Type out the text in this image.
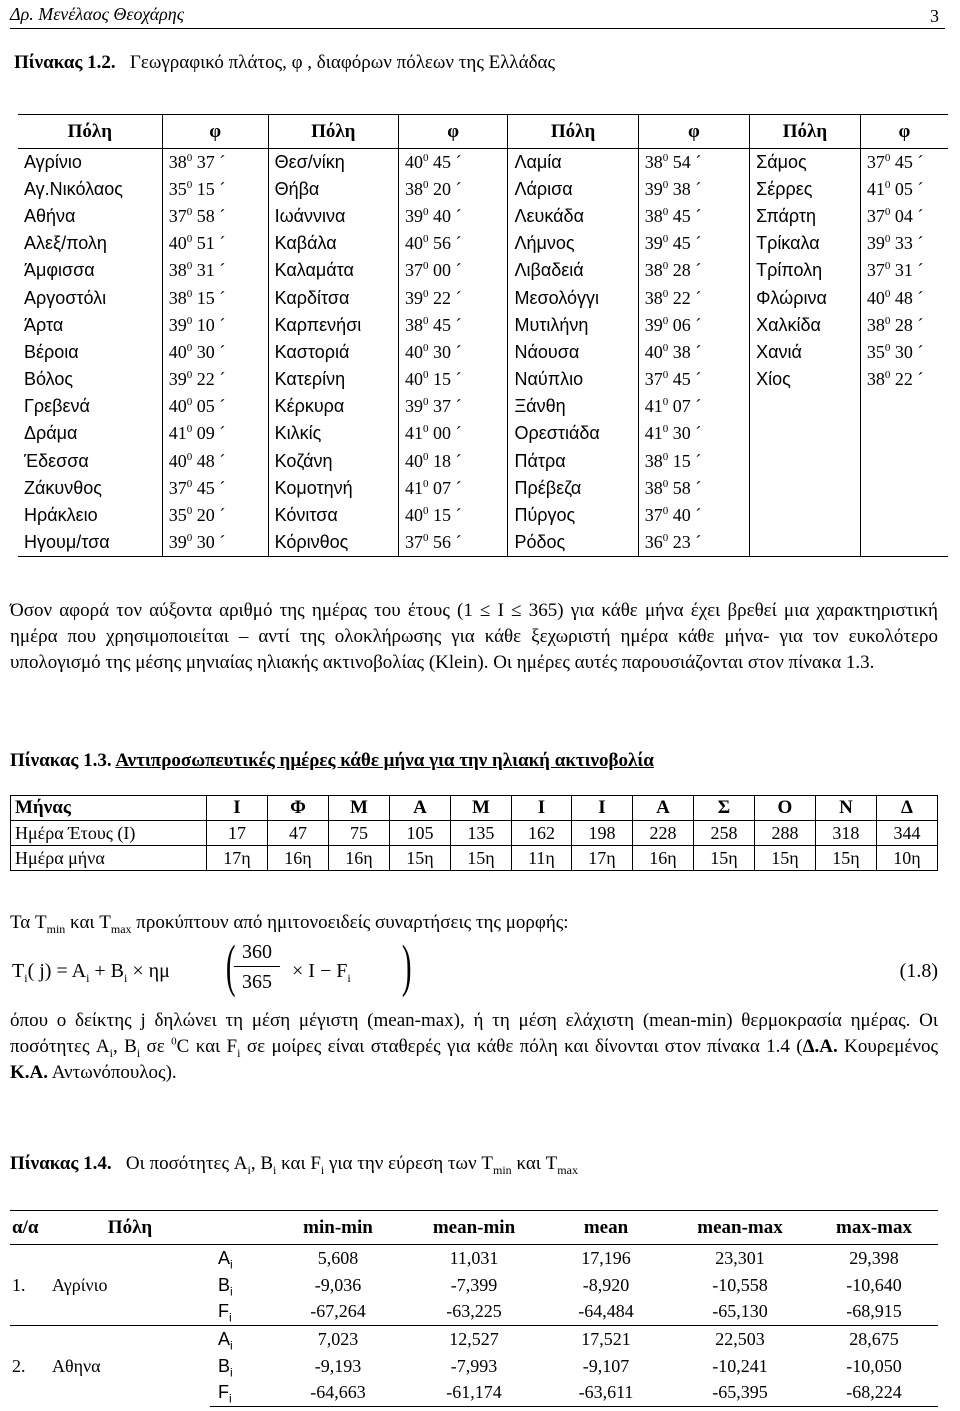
Δρ. Μενέλαος Θεοχάρης	3
Πίνακας 1.2. Γεωγραφικό πλάτος, φ , διαφόρων πόλεων της Ελλάδας
Πόλη	φ	Πόλη	φ	Πόλη	φ	Πόλη	φ
Αγρίνιο	$38^0$ 37 ´	Θεσ/νίκη	$40^0$ 45 ´	Λαμία	$38^0$ 54 ´	Σάμος	$37^0$ 45 ´
Αγ.Νικόλαος	$35^0$ 15 ´	Θήβα	$38^0$ 20 ´	Λάρισα	$39^0$ 38 ´	Σέρρες	$41^0$ 05 ´
Αθήνα	$37^0$ 58 ´	Ιωάννινα	$39^0$ 40 ´	Λευκάδα	$38^0$ 45 ´	Σπάρτη	$37^0$ 04 ´
Αλεξ/πολη	$40^0$ 51 ´	Καβάλα	$40^0$ 56 ´	Λήμνος	$39^0$ 45 ´	Τρίκαλα	$39^0$ 33 ´
Άμφισσα	$38^0$ 31 ´	Καλαμάτα	$37^0$ 00 ´	Λιβαδειά	$38^0$ 28 ´	Τρίπολη	$37^0$ 31 ´
Αργοστόλι	$38^0$ 15 ´	Καρδίτσα	$39^0$ 22 ´	Μεσολόγγι	$38^0$ 22 ´	Φλώρινα	$40^0$ 48 ´
Άρτα	$39^0$ 10 ´	Καρπενήσι	$38^0$ 45 ´	Μυτιλήνη	$39^0$ 06 ´	Χαλκίδα	$38^0$ 28 ´
Βέροια	$40^0$ 30 ´	Καστοριά	$40^0$ 30 ´	Νάουσα	$40^0$ 38 ´	Χανιά	$35^0$ 30 ´
Βόλος	$39^0$ 22 ´	Κατερίνη	$40^0$ 15 ´	Ναύπλιο	$37^0$ 45 ´	Χίος	$38^0$ 22 ´
Γρεβενά	$40^0$ 05 ´	Κέρκυρα	$39^0$ 37 ´	Ξάνθη	$41^0$ 07 ´		
Δράμα	$41^0$ 09 ´	Κιλκίς	$41^0$ 00 ´	Ορεστιάδα	$41^0$ 30 ´		
Έδεσσα	$40^0$ 48 ´	Κοζάνη	$40^0$ 18 ´	Πάτρα	$38^0$ 15 ´		
Ζάκυνθος	$37^0$ 45 ´	Κομοτηνή	$41^0$ 07 ´	Πρέβεζα	$38^0$ 58 ´		
Ηράκλειο	$35^0$ 20 ´	Κόνιτσα	$40^0$ 15 ´	Πύργος	$37^0$ 40 ´		
Ηγουμ/τσα	$39^0$ 30 ´	Κόρινθος	$37^0$ 56 ´	Ρόδος	$36^0$ 23 ´		
Όσον αφορά τον αύξοντα αριθμό της ημέρας του έτους (1 ≤ I ≤ 365) για κάθε μήνα έχει βρεθεί μια χαρακτηριστική ημέρα που χρησιμοποιείται – αντί της ολοκλήρωσης για κάθε ξεχωριστή ημέρα κάθε μήνα- για τον ευκολότερο υπολογισμό της μέσης μηνιαίας ηλιακής ακτινοβολίας (Klein). Οι ημέρες αυτές παρουσιάζονται στον πίνακα 1.3.
Πίνακας 1.3. Αντιπροσωπευτικές ημέρες κάθε μήνα για την ηλιακή ακτινοβολία
Μήνας	Ι	Φ	Μ	Α	Μ	Ι	Ι	Α	Σ	Ο	Ν	Δ
Ημέρα Έτους (Ι)	17	47	75	105	135	162	198	228	258	288	318	344
Ημέρα μήνα	17η	16η	16η	15η	15η	11η	17η	16η	15η	15η	15η	10η
Τα $T_{min}$ και $T_{max}$ προκύπτουν από ημιτονοειδείς συναρτήσεις της μορφής:
$T_i$( $j) = A_i + B_i \times \eta\mu$ (
$\frac{360}{365} \times I - F_i$ )	(1.8)
όπου ο δείκτης j δηλώνει τη μέση μέγιστη (mean-max), ή τη μέση ελάχιστη (mean-min) θερμοκρασία ημέρας. Οι ποσότητες $A_i$, $B_i$ σε $^0$C και $F_i$ σε μοίρες είναι σταθερές για κάθε πόλη και δίνονται στον πίνακα 1.4 (Δ.Α. Κουρεμένος Κ.Α. Αντωνόπουλος).
Πίνακας 1.4. Οι ποσότητες $A_i$, $B_i$ και $F_i$ για την εύρεση των $T_{min}$ και $T_{max}$
α/α	Πόλη		min-min	mean-min	mean	mean-max	max-max
1.	Αγρίνιο	$A_i$	5,608	11,031	17,196	23,301	29,398
		$B_i$	-9,036	-7,399	-8,920	-10,558	-10,640
		$F_i$	-67,264	-63,225	-64,484	-65,130	-68,915
2.	Αθηνα	$A_i$	7,023	12,527	17,521	22,503	28,675
		$B_i$	-9,193	-7,993	-9,107	-10,241	-10,050
		$F_i$	-64,663	-61,174	-63,611	-65,395	-68,224
